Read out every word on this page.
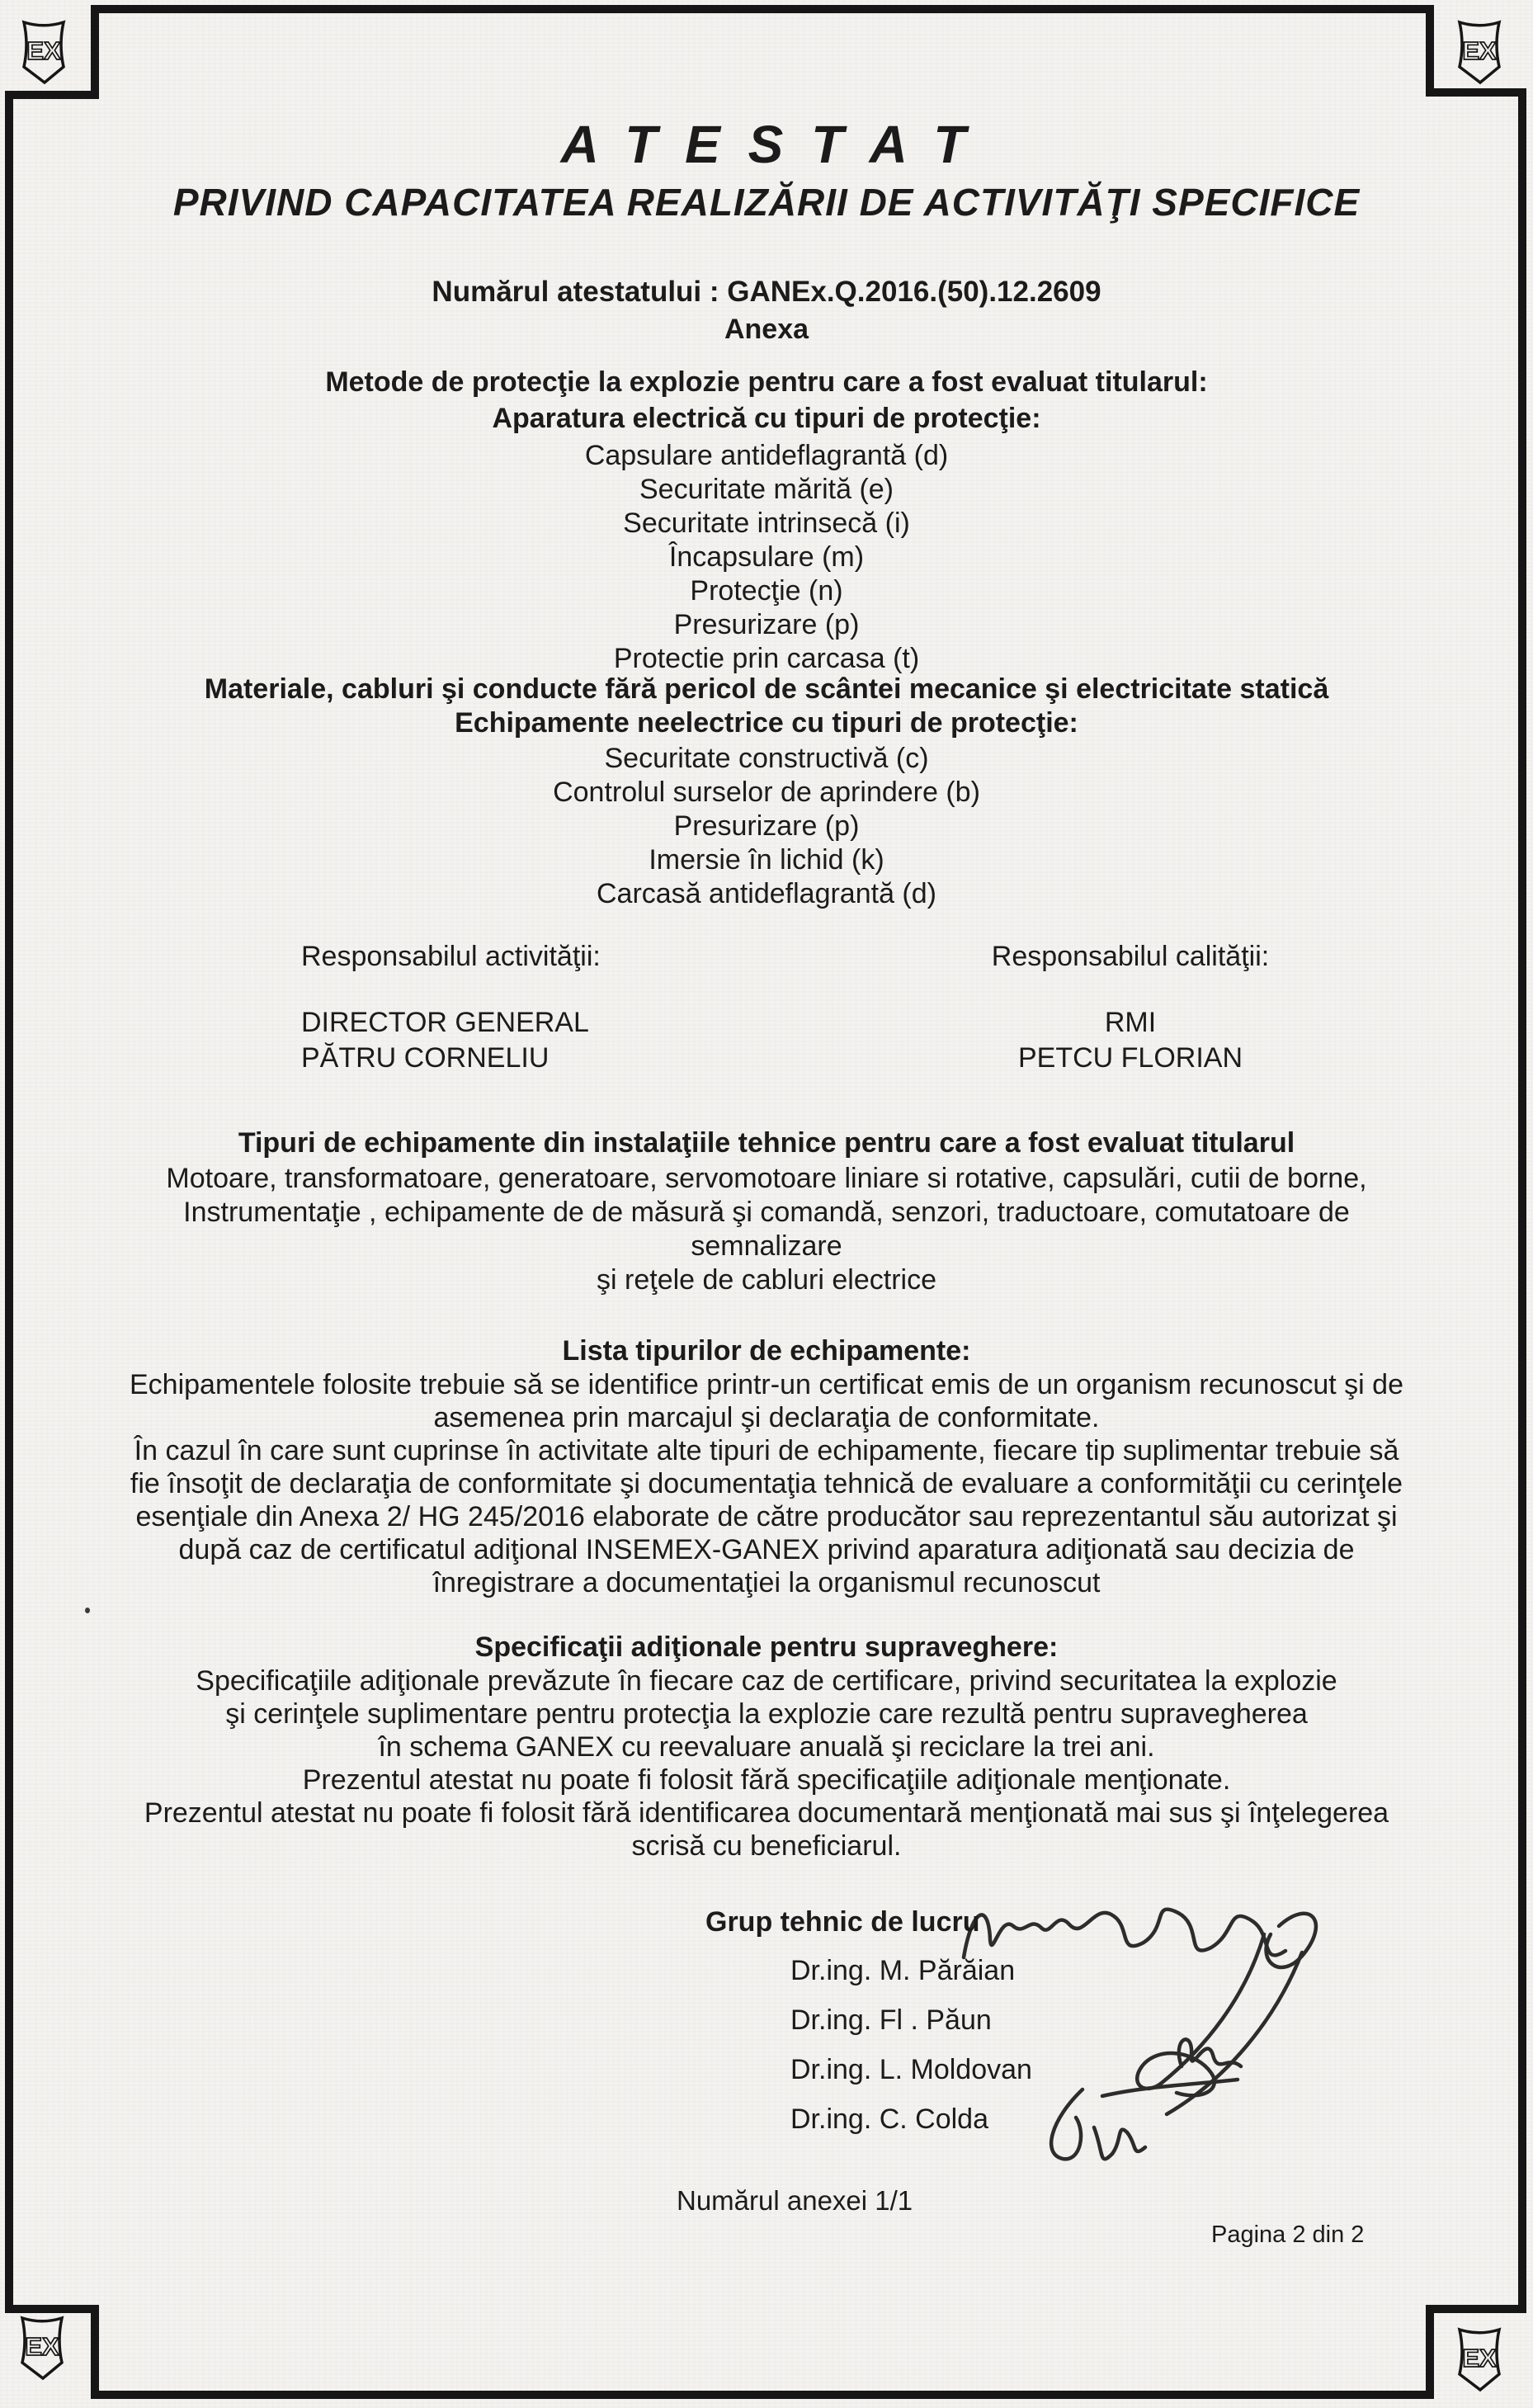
EX	EX
EX	EX
A T E S T A T
PRIVIND CAPACITATEA REALIZĂRII DE ACTIVITĂŢI SPECIFICE
Numărul atestatului : GANEx.Q.2016.(50).12.2609
Anexa
Metode de protecţie la explozie pentru care a fost evaluat titularul:
Aparatura electrică cu tipuri de protecţie:
Capsulare antideflagrantă (d)
Securitate mărită (e)
Securitate intrinsecă (i)
Încapsulare (m)
Protecţie (n)
Presurizare (p)
Protectie prin carcasa (t)
Materiale, cabluri şi conducte fără pericol de scântei mecanice şi electricitate statică
Echipamente neelectrice cu tipuri de protecţie:
Securitate constructivă (c)
Controlul surselor de aprindere (b)
Presurizare (p)
Imersie în lichid (k)
Carcasă antideflagrantă (d)
Responsabilul activităţii:
DIRECTOR GENERAL
PĂTRU CORNELIU
Responsabilul calităţii:
RMI
PETCU FLORIAN
Tipuri de echipamente din instalaţiile tehnice pentru care a fost evaluat titularul
Motoare, transformatoare, generatoare, servomotoare liniare si rotative, capsulări, cutii de borne,
Instrumentaţie , echipamente de de măsură şi comandă, senzori, traductoare, comutatoare de
semnalizare
şi reţele de cabluri electrice
Lista tipurilor de echipamente:
Echipamentele folosite trebuie să se identifice printr-un certificat emis de un organism recunoscut şi de
asemenea prin marcajul şi declaraţia de conformitate.
În cazul în care sunt cuprinse în activitate alte tipuri de echipamente, fiecare tip suplimentar trebuie să
fie însoţit de declaraţia de conformitate şi documentaţia tehnică de evaluare a conformităţii cu cerinţele
esenţiale din Anexa 2/ HG 245/2016 elaborate de către producător sau reprezentantul său autorizat şi
după caz de certificatul adiţional INSEMEX-GANEX privind aparatura adiţionată sau decizia de
înregistrare a documentaţiei la organismul recunoscut
Specificaţii adiţionale pentru supraveghere:
Specificaţiile adiţionale prevăzute în fiecare caz de certificare, privind securitatea la explozie
şi cerinţele suplimentare pentru protecţia la explozie care rezultă pentru supravegherea
în schema GANEX cu reevaluare anuală şi reciclare la trei ani.
Prezentul atestat nu poate fi folosit fără specificaţiile adiţionale menţionate.
Prezentul atestat nu poate fi folosit fără identificarea documentară menţionată mai sus şi înţelegerea
scrisă cu beneficiarul.
Grup tehnic de lucru
Dr.ing. M. Părăian
Dr.ing. Fl . Păun
Dr.ing. L. Moldovan
Dr.ing. C. Colda
Numărul anexei 1/1
Pagina 2 din 2
